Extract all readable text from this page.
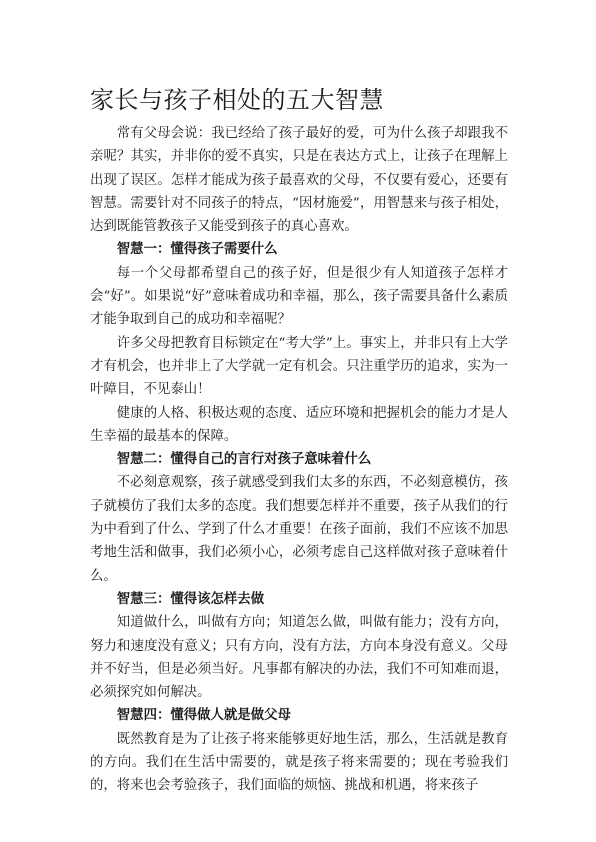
家长与孩子相处的五大智慧

常有父母会说：我已经给了孩子最好的爱，可为什么孩子却跟我不亲呢？其实，并非你的爱不真实，只是在表达方式上，让孩子在理解上出现了误区。怎样才能成为孩子最喜欢的父母，不仅要有爱心，还要有智慧。需要针对不同孩子的特点，“因材施爱”，用智慧来与孩子相处，达到既能管教孩子又能受到孩子的真心喜欢。

智慧一：懂得孩子需要什么

每一个父母都希望自己的孩子好，但是很少有人知道孩子怎样才会“好”。如果说“好”意味着成功和幸福，那么，孩子需要具备什么素质才能争取到自己的成功和幸福呢？

许多父母把教育目标锁定在“考大学”上。事实上，并非只有上大学才有机会，也并非上了大学就一定有机会。只注重学历的追求，实为一叶障目，不见泰山！

健康的人格、积极达观的态度、适应环境和把握机会的能力才是人生幸福的最基本的保障。

智慧二：懂得自己的言行对孩子意味着什么

不必刻意观察，孩子就感受到我们太多的东西，不必刻意模仿，孩子就模仿了我们太多的态度。我们想要怎样并不重要，孩子从我们的行为中看到了什么、学到了什么才重要！在孩子面前，我们不应该不加思考地生活和做事，我们必须小心，必须考虑自己这样做对孩子意味着什么。

智慧三：懂得该怎样去做

知道做什么，叫做有方向；知道怎么做，叫做有能力；没有方向，努力和速度没有意义；只有方向，没有方法，方向本身没有意义。父母并不好当，但是必须当好。凡事都有解决的办法，我们不可知难而退，必须探究如何解决。

智慧四：懂得做人就是做父母

既然教育是为了让孩子将来能够更好地生活，那么，生活就是教育的方向。我们在生活中需要的，就是孩子将来需要的；现在考验我们的，将来也会考验孩子，我们面临的烦恼、挑战和机遇，将来孩子
